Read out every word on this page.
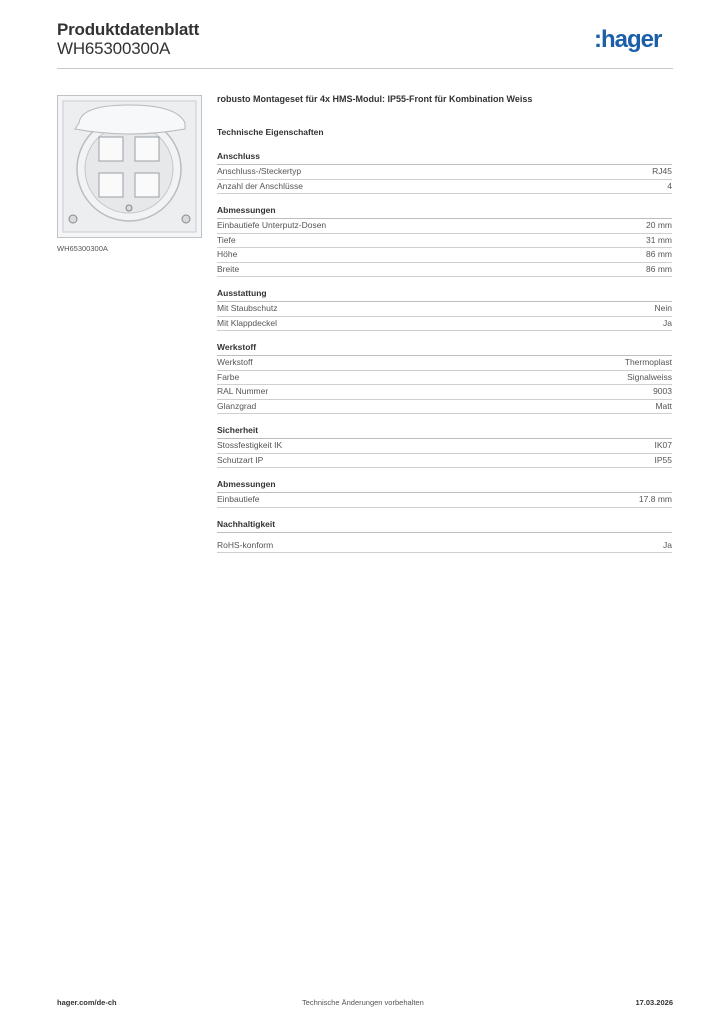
Produktdatenblatt
WH65300300A	:hager
WH65300300A
robusto Montageset für 4x HMS-Modul: IP55-Front für Kombination Weiss
Technische Eigenschaften
Anschluss
Anschluss-/Steckertyp	RJ45
Anzahl der Anschlüsse	4
Abmessungen
Einbautiefe Unterputz-Dosen	20 mm
Tiefe	31 mm
Höhe	86 mm
Breite	86 mm
Ausstattung
Mit Staubschutz	Nein
Mit Klappdeckel	Ja
Werkstoff
Werkstoff	Thermoplast
Farbe	Signalweiss
RAL Nummer	9003
Glanzgrad	Matt
Sicherheit
Stossfestigkeit IK	IK07
Schutzart IP	IP55
Abmessungen
Einbautiefe	17.8 mm
Nachhaltigkeit
RoHS-konform	Ja
hager.com/de-ch	Technische Änderungen vorbehalten	17.03.2026
